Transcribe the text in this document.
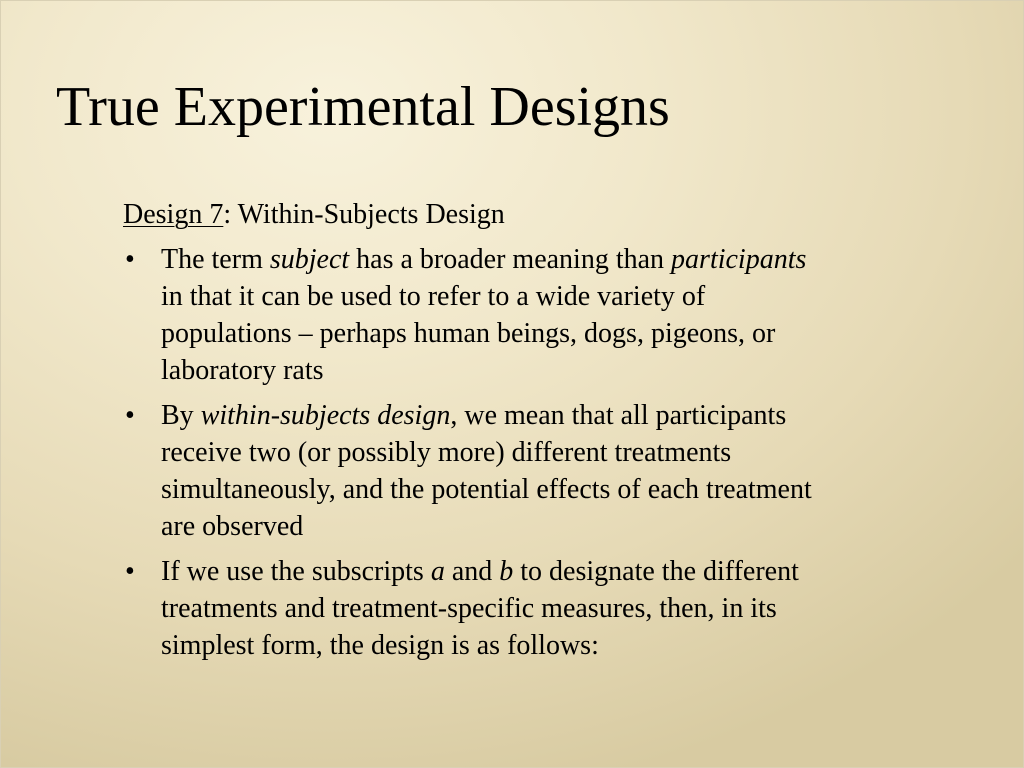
True Experimental Designs

Design 7: Within-Subjects Design

• The term subject has a broader meaning than participants
in that it can be used to refer to a wide variety of
populations – perhaps human beings, dogs, pigeons, or
laboratory rats
• By within-subjects design, we mean that all participants
receive two (or possibly more) different treatments
simultaneously, and the potential effects of each treatment
are observed
• If we use the subscripts a and b to designate the different
treatments and treatment-specific measures, then, in its
simplest form, the design is as follows:
